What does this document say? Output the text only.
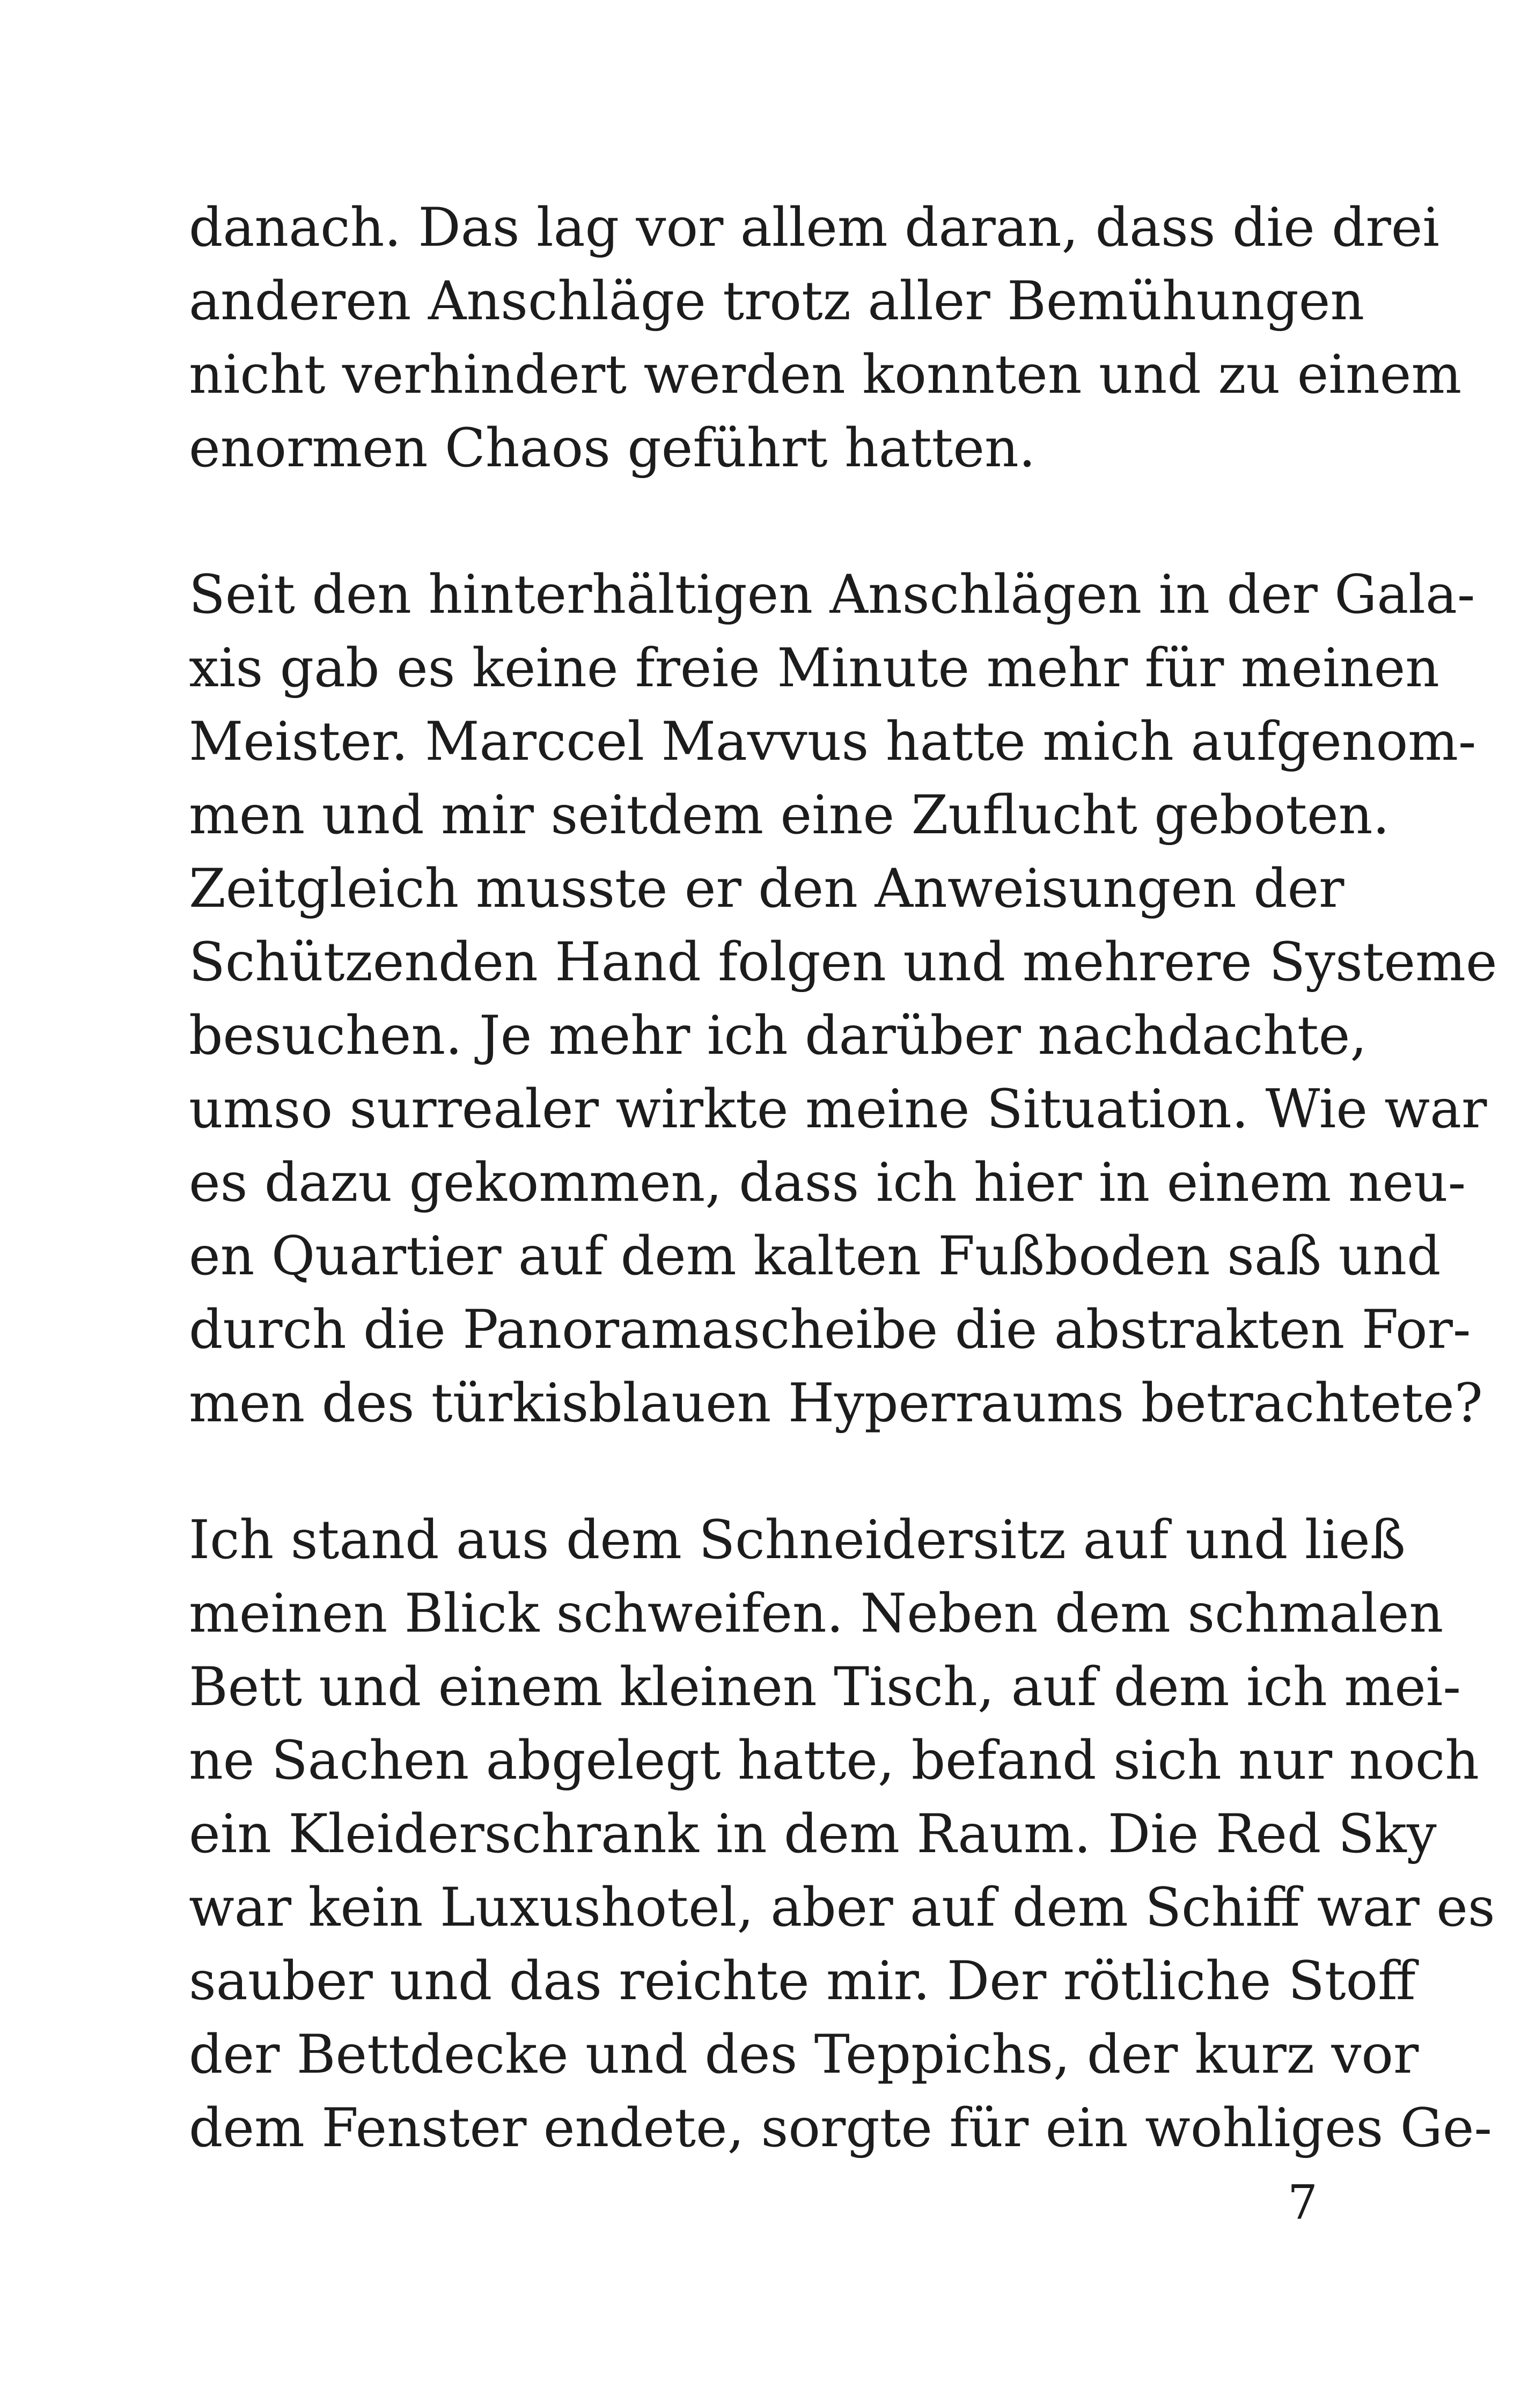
danach. Das lag vor allem daran, dass die drei
anderen Anschläge trotz aller Bemühungen
nicht verhindert werden konnten und zu einem
enormen Chaos geführt hatten.
Seit den hinterhältigen Anschlägen in der Gala-
xis gab es keine freie Minute mehr für meinen
Meister. Marccel Mavvus hatte mich aufgenom-
men und mir seitdem eine Zuflucht geboten.
Zeitgleich musste er den Anweisungen der
Schützenden Hand folgen und mehrere Systeme
besuchen. Je mehr ich darüber nachdachte,
umso surrealer wirkte meine Situation. Wie war
es dazu gekommen, dass ich hier in einem neu-
en Quartier auf dem kalten Fußboden saß und
durch die Panoramascheibe die abstrakten For-
men des türkisblauen Hyperraums betrachtete?
Ich stand aus dem Schneidersitz auf und ließ
meinen Blick schweifen. Neben dem schmalen
Bett und einem kleinen Tisch, auf dem ich mei-
ne Sachen abgelegt hatte, befand sich nur noch
ein Kleiderschrank in dem Raum. Die Red Sky
war kein Luxushotel, aber auf dem Schiff war es
sauber und das reichte mir. Der rötliche Stoff
der Bettdecke und des Teppichs, der kurz vor
dem Fenster endete, sorgte für ein wohliges Ge-
7
